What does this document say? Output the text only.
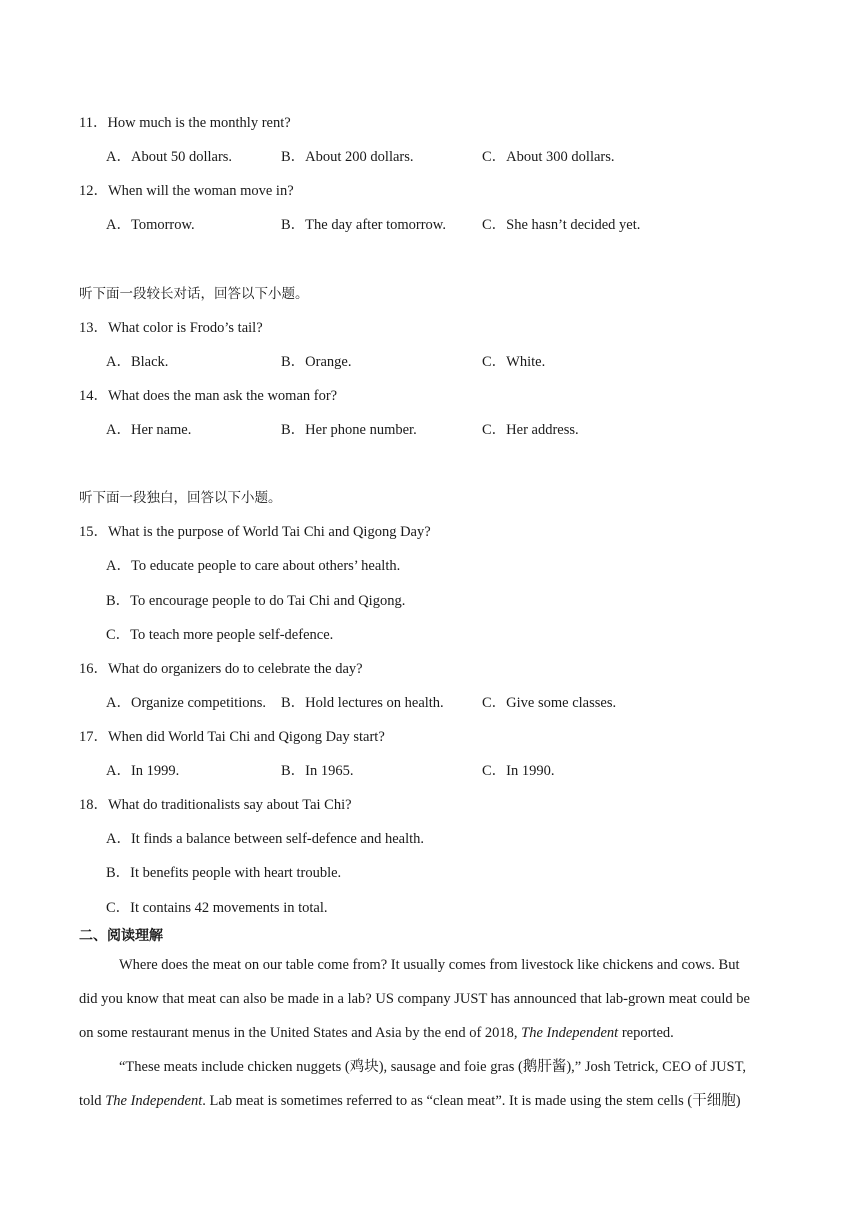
11．How much is the monthly rent?
A．About 50 dollars.	B．About 200 dollars.	C．About 300 dollars.
12．When will the woman move in?
A．Tomorrow.	B．The day after tomorrow. C．She hasn’t decided yet.
听下面一段较长对话，回答以下小题。
13．What color is Frodo’s tail?
A．Black.	B．Orange.	C．White.
14．What does the man ask the woman for?
A．Her name.	B．Her phone number.	C．Her address.
听下面一段独白，回答以下小题。
15．What is the purpose of World Tai Chi and Qigong Day?
A．To educate people to care about others’ health.
B．To encourage people to do Tai Chi and Qigong.
C．To teach more people self-defence.
16．What do organizers do to celebrate the day?
A．Organize competitions. B．Hold lectures on health.	C．Give some classes.
17．When did World Tai Chi and Qigong Day start?
A．In 1999.	B．In 1965.	C．In 1990.
18．What do traditionalists say about Tai Chi?
A．It finds a balance between self-defence and health.
B．It benefits people with heart trouble.
C．It contains 42 movements in total.
二、阅读理解
Where does the meat on our table come from? It usually comes from livestock like chickens and cows. But
did you know that meat can also be made in a lab? US company JUST has announced that lab-grown meat could be
on some restaurant menus in the United States and Asia by the end of 2018, The Independent reported.
“These meats include chicken nuggets (鸡块), sausage and foie gras (鹅肝酱),” Josh Tetrick, CEO of JUST,
told The Independent. Lab meat is sometimes referred to as “clean meat”. It is made using the stem cells (干细胞)
